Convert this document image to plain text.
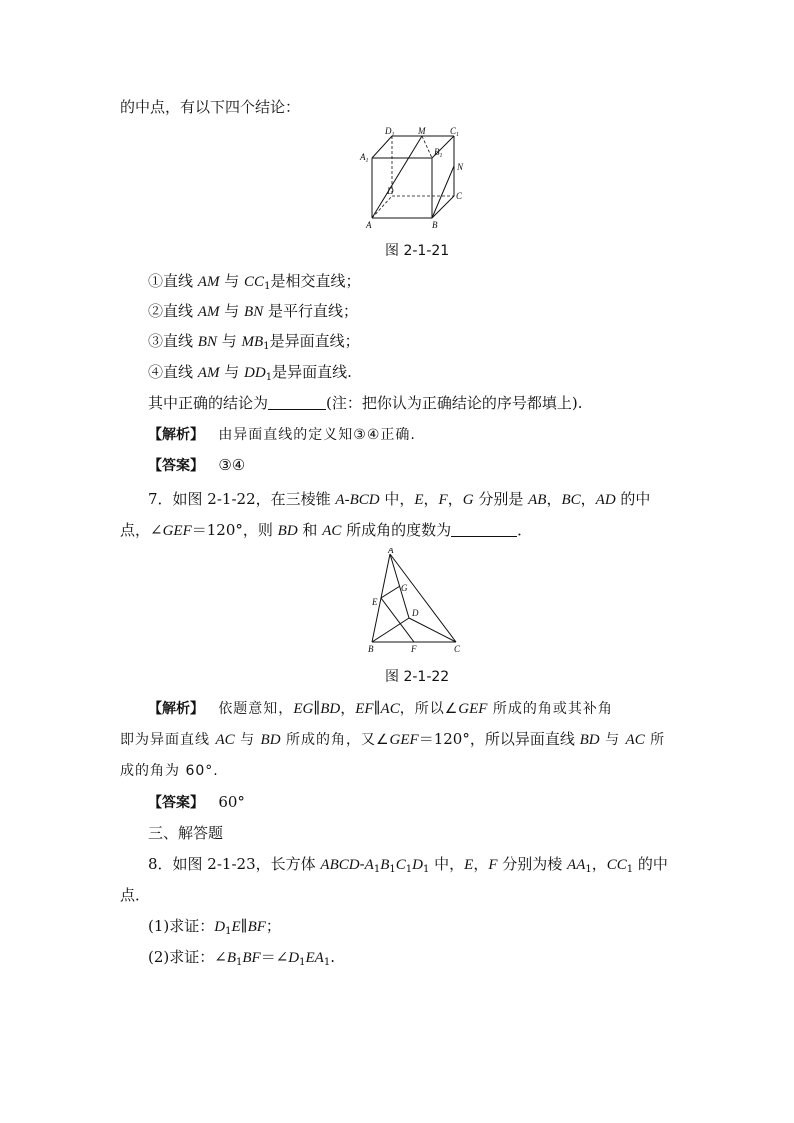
的中点，有以下四个结论：
$D_1$	M	$C_1$
$A_1$
$B_1$
N
D	C
A	B
图 2-1-21
①直线 AM 与 $CC_1$是相交直线；
②直线 AM 与 BN 是平行直线；
③直线 BN 与 $MB_1$是异面直线；
④直线 AM 与 $DD_1$是异面直线.
其中正确的结论为	(注：把你认为正确结论的序号都填上).
【解析】 由异面直线的定义知③④正确.
【答案】 ③④
7．如图 2-1-22，在三棱锥 A-BCD 中，E，F，G 分别是 AB，BC，AD 的中
点，∠GEF＝120°，则 BD 和 AC 所成角的度数为	．
A
G
E
D
B	F	C
图 2-1-22
【解析】 依题意知，EG∥BD，EF∥AC，所以∠GEF 所成的角或其补角
即为异面直线 AC 与 BD 所成的角，又∠GEF＝120°，所以异面直线 BD 与 AC 所
成的角为 60°.
【答案】 60°
三、解答题
8．如图 2-1-23，长方体 ABCD-$A_1B_1C_1D_1$ 中，E，F 分别为棱 $AA_1$，$CC_1$ 的中
点．
(1)求证：$D_1E\parallel BF$；
(2)求证：$\angle B_1BF=\angle D_1EA_1$.
